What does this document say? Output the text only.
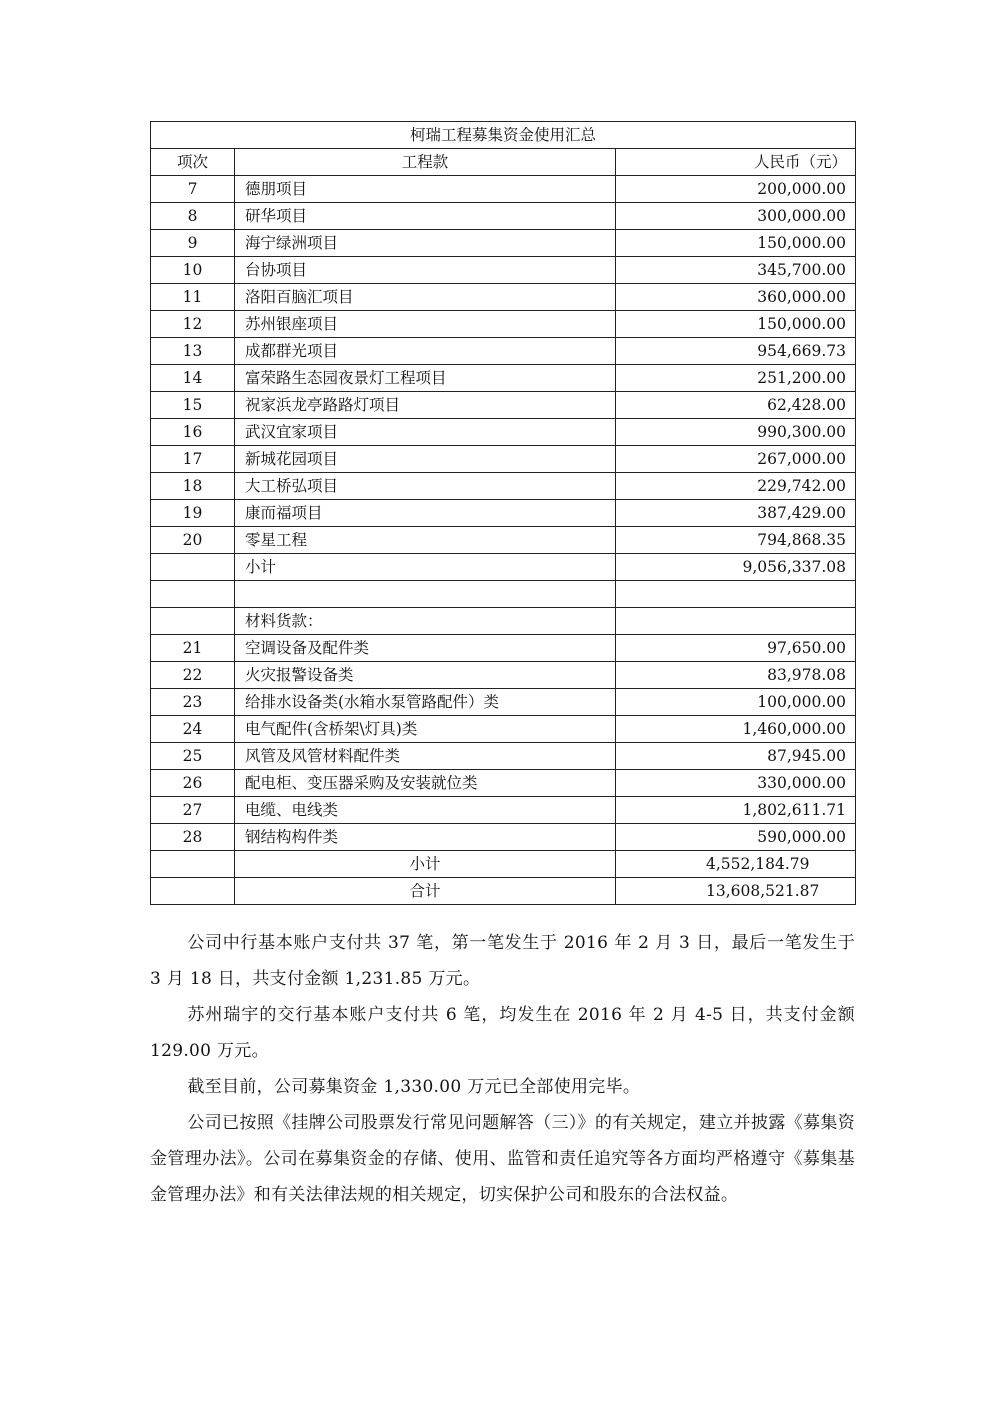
柯瑞工程募集资金使用汇总		
项次	工程款	人民币（元）
7	德朋项目	200,000.00
8	研华项目	300,000.00
9	海宁绿洲项目	150,000.00
10	台协项目	345,700.00
11	洛阳百脑汇项目	360,000.00
12	苏州银座项目	150,000.00
13	成都群光项目	954,669.73
14	富荣路生态园夜景灯工程项目	251,200.00
15	祝家浜龙亭路路灯项目	62,428.00
16	武汉宜家项目	990,300.00
17	新城花园项目	267,000.00
18	大工桥弘项目	229,742.00
19	康而福项目	387,429.00
20	零星工程	794,868.35
	小计	9,056,337.08

	材料货款：	
21	空调设备及配件类	97,650.00
22	火灾报警设备类	83,978.08
23	给排水设备类(水箱水泵管路配件）类	100,000.00
24	电气配件(含桥架\灯具)类	1,460,000.00
25	风管及风管材料配件类	87,945.00
26	配电柜、变压器采购及安装就位类	330,000.00
27	电缆、电线类	1,802,611.71
28	钢结构构件类	590,000.00
	小计	4,552,184.79
	合计	13,608,521.87

公司中行基本账户支付共 37 笔，第一笔发生于 2016 年 2 月 3 日，最后一笔发生于 3 月 18 日，共支付金额 1,231.85 万元。

苏州瑞宇的交行基本账户支付共 6 笔，均发生在 2016 年 2 月 4-5 日，共支付金额 129.00 万元。

截至目前，公司募集资金 1,330.00 万元已全部使用完毕。

公司已按照《挂牌公司股票发行常见问题解答（三）》的有关规定，建立并披露《募集资金管理办法》。公司在募集资金的存储、使用、监管和责任追究等各方面均严格遵守《募集基金管理办法》和有关法律法规的相关规定，切实保护公司和股东的合法权益。
